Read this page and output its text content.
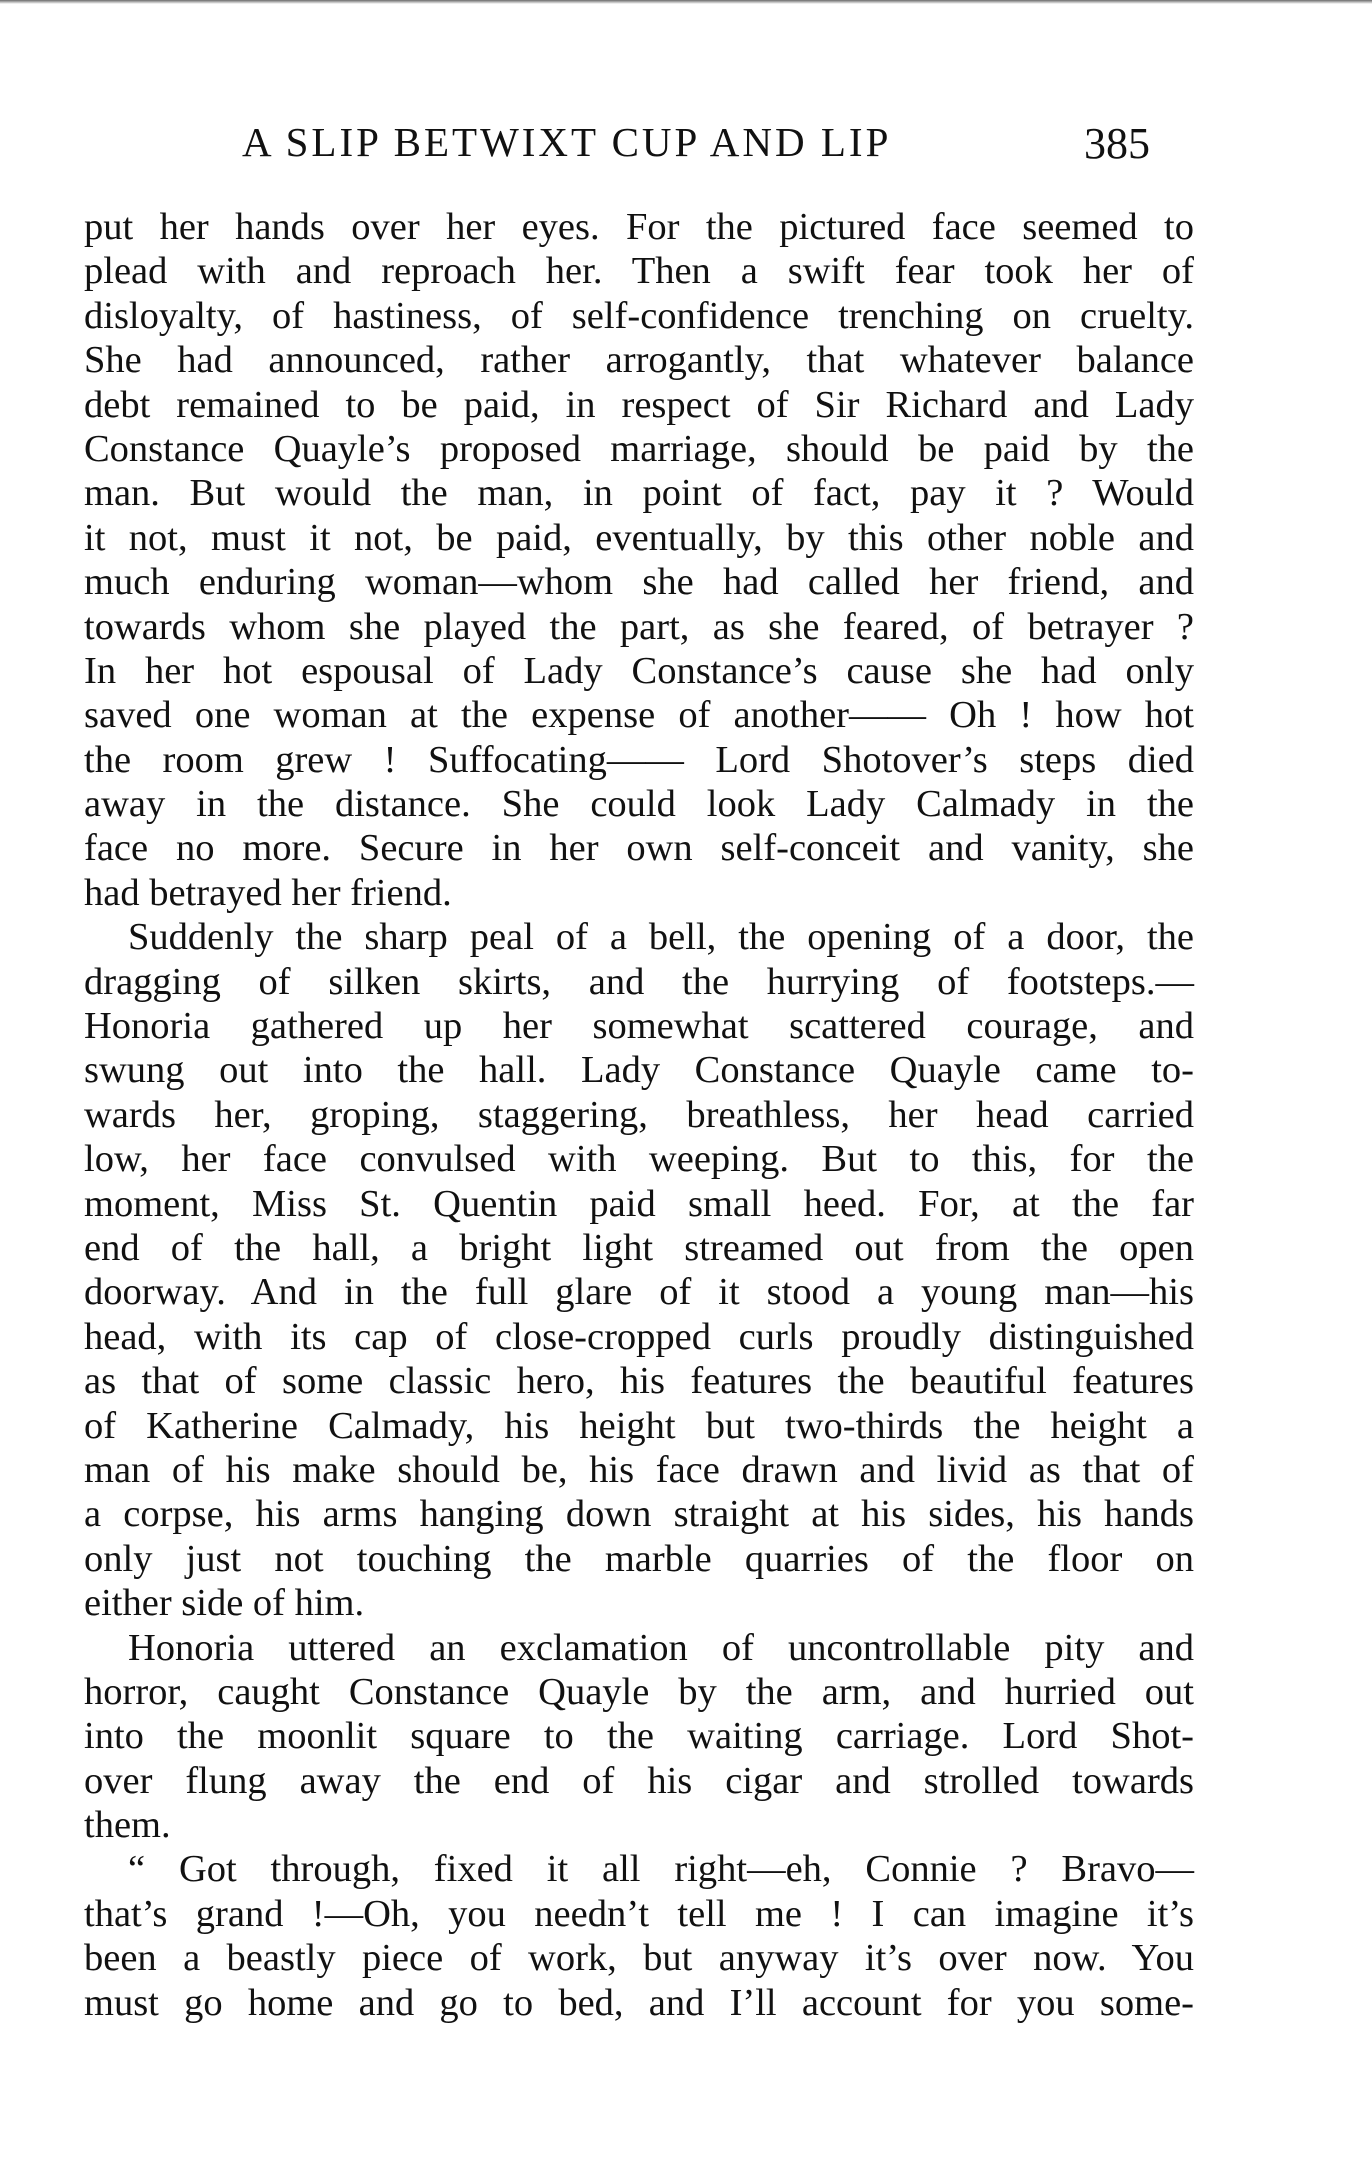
A SLIP BETWIXT CUP AND LIP	385
put her hands over her eyes. For the pictured face seemed to
plead with and reproach her. Then a swift fear took her of
disloyalty, of hastiness, of self-confidence trenching on cruelty.
She had announced, rather arrogantly, that whatever balance
debt remained to be paid, in respect of Sir Richard and Lady
Constance Quayle’s proposed marriage, should be paid by the
man. But would the man, in point of fact, pay it ? Would
it not, must it not, be paid, eventually, by this other noble and
much enduring woman—whom she had called her friend, and
towards whom she played the part, as she feared, of betrayer ?
In her hot espousal of Lady Constance’s cause she had only
saved one woman at the expense of another—— Oh ! how hot
the room grew ! Suffocating—— Lord Shotover’s steps died
away in the distance. She could look Lady Calmady in the
face no more. Secure in her own self-conceit and vanity, she
had betrayed her friend.
Suddenly the sharp peal of a bell, the opening of a door, the
dragging of silken skirts, and the hurrying of footsteps.—
Honoria gathered up her somewhat scattered courage, and
swung out into the hall. Lady Constance Quayle came to-
wards her, groping, staggering, breathless, her head carried
low, her face convulsed with weeping. But to this, for the
moment, Miss St. Quentin paid small heed. For, at the far
end of the hall, a bright light streamed out from the open
doorway. And in the full glare of it stood a young man—his
head, with its cap of close-cropped curls proudly distinguished
as that of some classic hero, his features the beautiful features
of Katherine Calmady, his height but two-thirds the height a
man of his make should be, his face drawn and livid as that of
a corpse, his arms hanging down straight at his sides, his hands
only just not touching the marble quarries of the floor on
either side of him.
Honoria uttered an exclamation of uncontrollable pity and
horror, caught Constance Quayle by the arm, and hurried out
into the moonlit square to the waiting carriage. Lord Shot-
over flung away the end of his cigar and strolled towards
them.
“ Got through, fixed it all right—eh, Connie ? Bravo—
that’s grand !—Oh, you needn’t tell me ! I can imagine it’s
been a beastly piece of work, but anyway it’s over now. You
must go home and go to bed, and I’ll account for you some-
